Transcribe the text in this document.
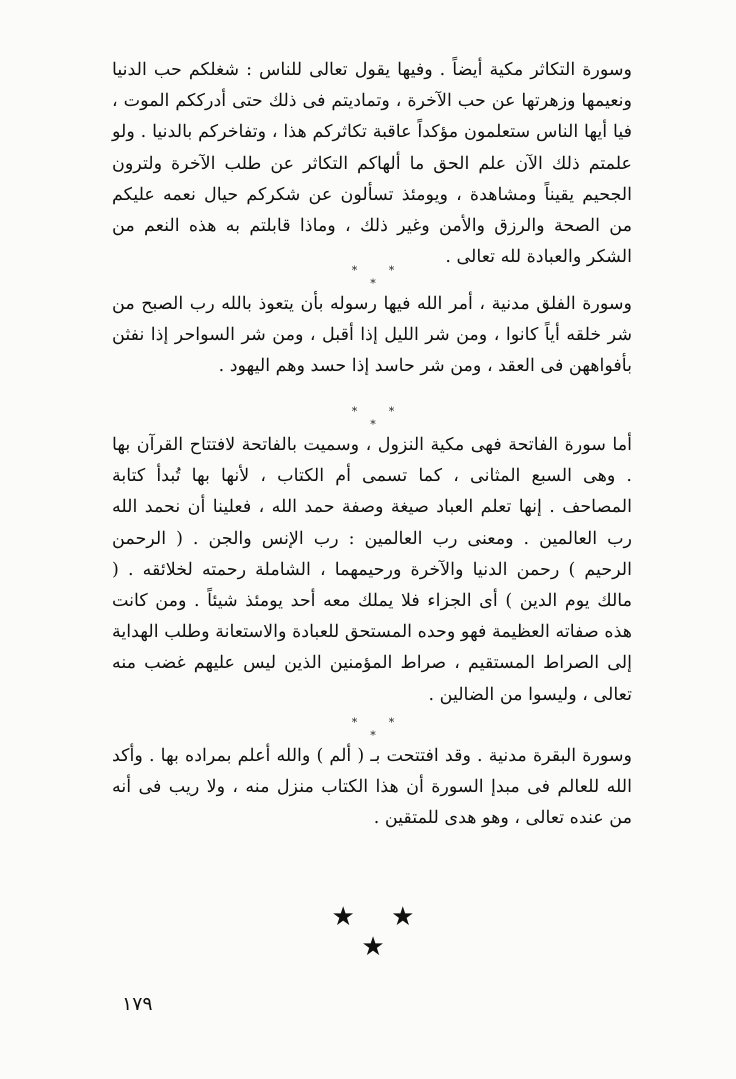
وسورة التكاثر مكية أيضاً . وفيها يقول تعالى للناس : شغلكم حب الدنيا ونعيمها وزهرتها عن حب الآخرة ، وتماديتم فى ذلك حتى أدرككم الموت ، فيا أيها الناس ستعلمون مؤكداً عاقبة تكاثركم هذا ، وتفاخركم بالدنيا . ولو علمتم ذلك الآن علم الحق ما ألهاكم التكاثر عن طلب الآخرة ولترون الجحيم يقيناً ومشاهدة ، ويومئذ تسألون عن شكركم حيال نعمه عليكم من الصحة والرزق والأمن وغير ذلك ، وماذا قابلتم به هذه النعم من الشكر والعبادة لله تعالى .

* * *

وسورة الفلق مدنية ، أمر الله فيها رسوله بأن يتعوذ بالله رب الصبح من شر خلقه أياً كانوا ، ومن شر الليل إذا أقبل ، ومن شر السواحر إذا نفثن بأفواههن فى العقد ، ومن شر حاسد إذا حسد وهم اليهود .

* * *

أما سورة الفاتحة فهى مكية النزول ، وسميت بالفاتحة لافتتاح القرآن بها . وهى السبع المثانى ، كما تسمى أم الكتاب ، لأنها بها تُبدأ كتابة المصاحف . إنها تعلم العباد صيغة وصفة حمد الله ، فعلينا أن نحمد الله رب العالمين . ومعنى رب العالمين : رب الإنس والجن . ( الرحمن الرحيم ) رحمن الدنيا والآخرة ورحيمهما ، الشاملة رحمته لخلائقه . ( مالك يوم الدين ) أى الجزاء فلا يملك معه أحد يومئذ شيئاً . ومن كانت هذه صفاته العظيمة فهو وحده المستحق للعبادة والاستعانة وطلب الهداية إلى الصراط المستقيم ، صراط المؤمنين الذين ليس عليهم غضب منه تعالى ، وليسوا من الضالين .

* * *

وسورة البقرة مدنية . وقد افتتحت بـ ( ألم ) والله أعلم بمراده بها . وأكد الله للعالم فى مبدإ السورة أن هذا الكتاب منزل منه ، ولا ريب فى أنه من عنده تعالى ، وهو هدى للمتقين .

★ ★ ★
١٧٩
